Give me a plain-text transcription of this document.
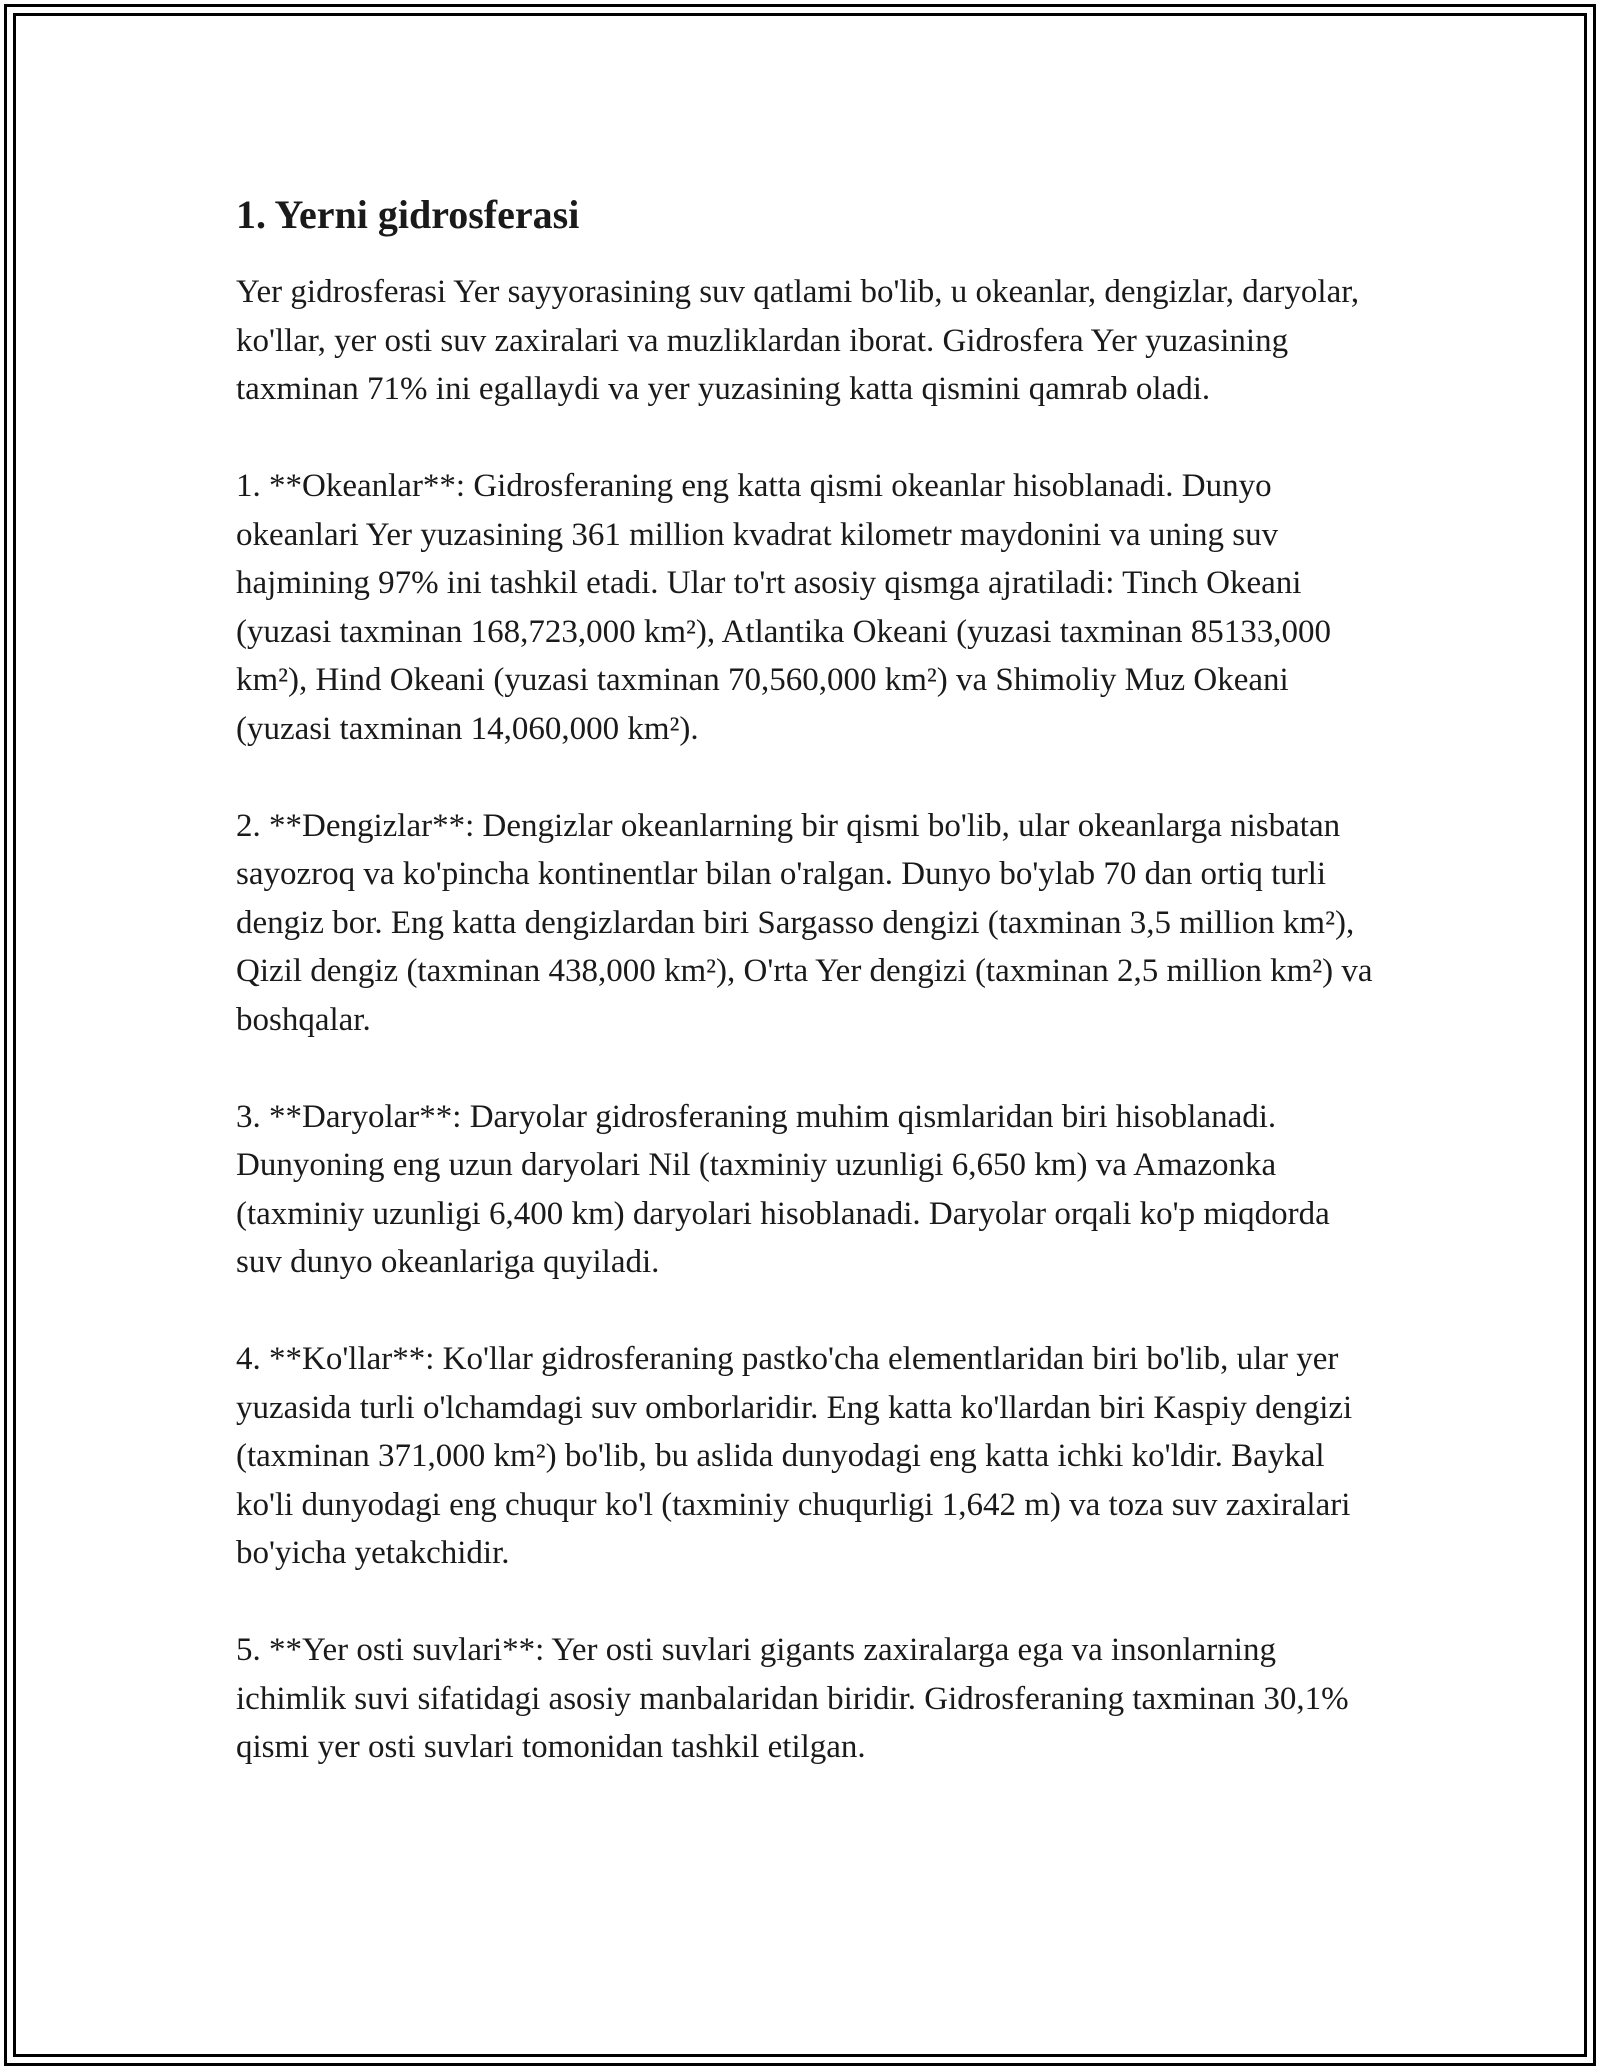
1. Yerni gidrosferasi

Yer gidrosferasi Yer sayyorasining suv qatlami bo'lib, u okeanlar, dengizlar, daryolar, ko'llar, yer osti suv zaxiralari va muzliklardan iborat. Gidrosfera Yer yuzasining taxminan 71% ini egallaydi va yer yuzasining katta qismini qamrab oladi.

1. **Okeanlar**: Gidrosferaning eng katta qismi okeanlar hisoblanadi. Dunyo okeanlari Yer yuzasining 361 million kvadrat kilometr maydonini va uning suv hajmining 97% ini tashkil etadi. Ular to'rt asosiy qismga ajratiladi: Tinch Okeani (yuzasi taxminan 168,723,000 km²), Atlantika Okeani (yuzasi taxminan 85133,000 km²), Hind Okeani (yuzasi taxminan 70,560,000 km²) va Shimoliy Muz Okeani (yuzasi taxminan 14,060,000 km²).

2. **Dengizlar**: Dengizlar okeanlarning bir qismi bo'lib, ular okeanlarga nisbatan sayozroq va ko'pincha kontinentlar bilan o'ralgan. Dunyo bo'ylab 70 dan ortiq turli dengiz bor. Eng katta dengizlardan biri Sargasso dengizi (taxminan 3,5 million km²), Qizil dengiz (taxminan 438,000 km²), O'rta Yer dengizi (taxminan 2,5 million km²) va boshqalar.

3. **Daryolar**: Daryolar gidrosferaning muhim qismlaridan biri hisoblanadi. Dunyoning eng uzun daryolari Nil (taxminiy uzunligi 6,650 km) va Amazonka (taxminiy uzunligi 6,400 km) daryolari hisoblanadi. Daryolar orqali ko'p miqdorda suv dunyo okeanlariga quyiladi.

4. **Ko'llar**: Ko'llar gidrosferaning pastko'cha elementlaridan biri bo'lib, ular yer yuzasida turli o'lchamdagi suv omborlaridir. Eng katta ko'llardan biri Kaspiy dengizi (taxminan 371,000 km²) bo'lib, bu aslida dunyodagi eng katta ichki ko'ldir. Baykal ko'li dunyodagi eng chuqur ko'l (taxminiy chuqurligi 1,642 m) va toza suv zaxiralari bo'yicha yetakchidir.

5. **Yer osti suvlari**: Yer osti suvlari gigants zaxiralarga ega va insonlarning ichimlik suvi sifatidagi asosiy manbalaridan biridir. Gidrosferaning taxminan 30,1% qismi yer osti suvlari tomonidan tashkil etilgan.
